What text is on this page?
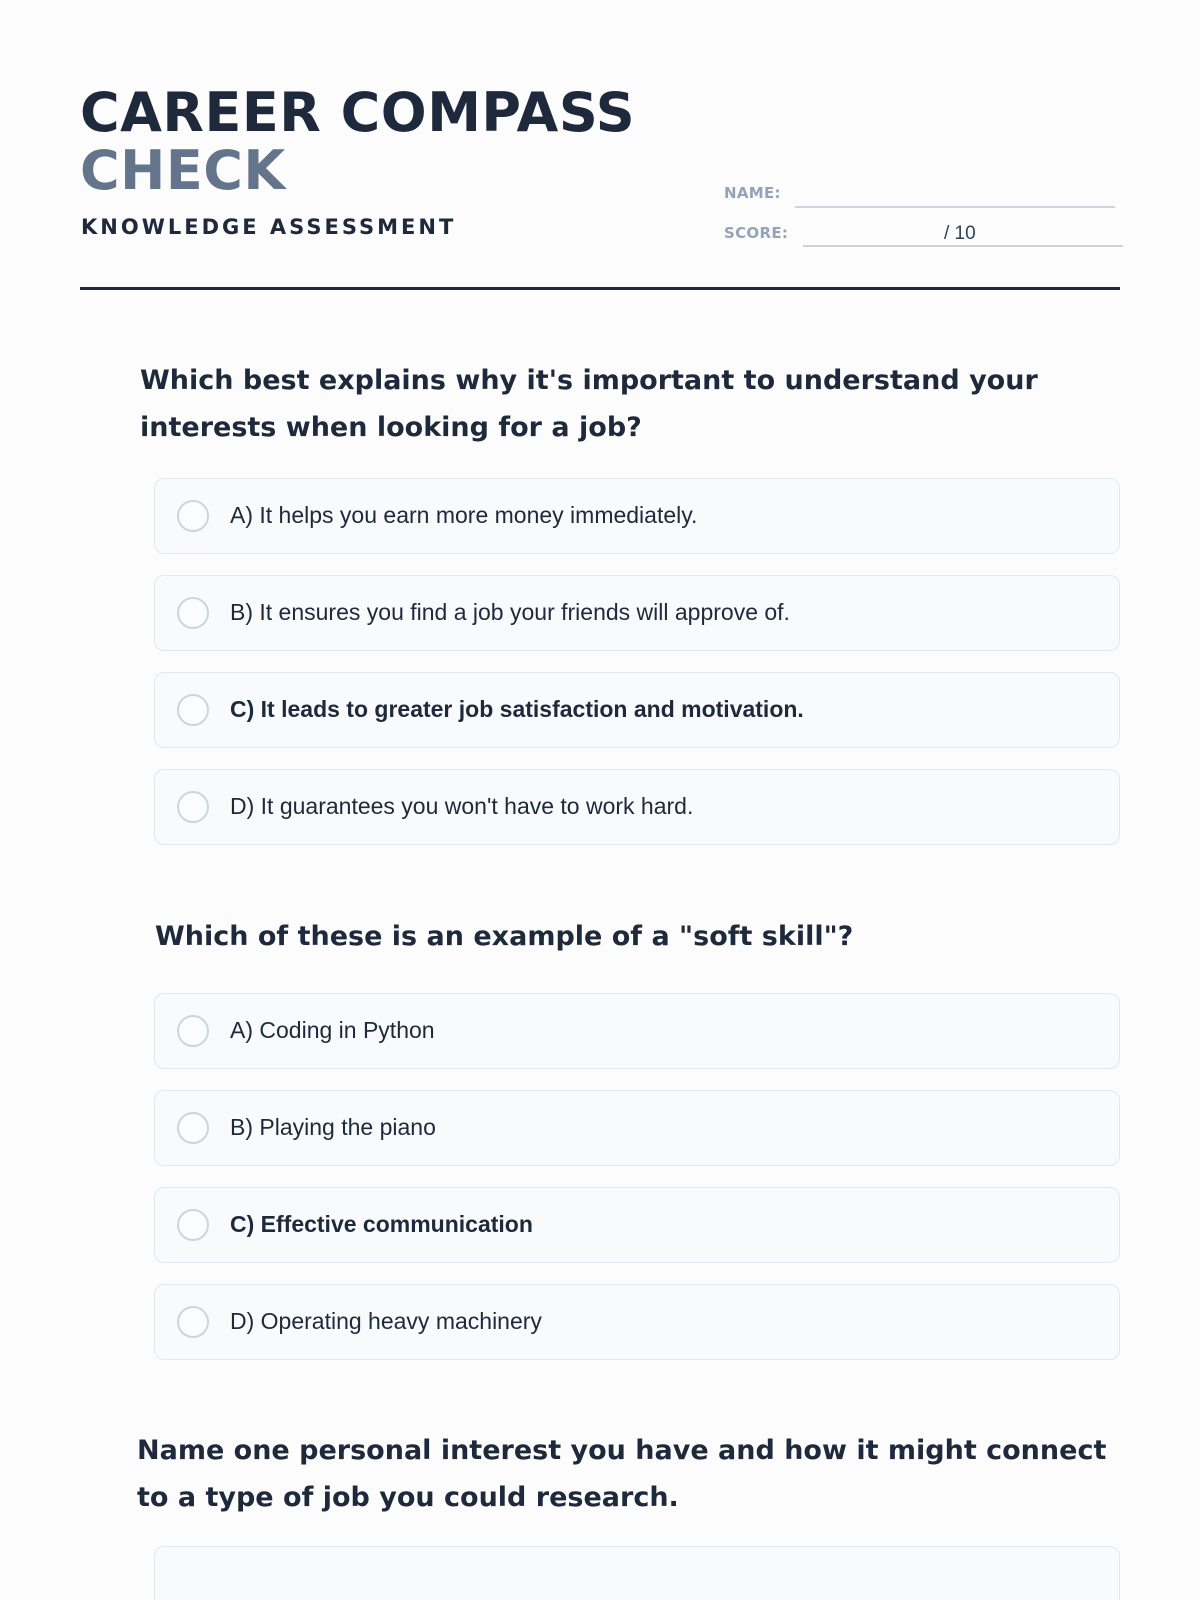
CAREER COMPASS
CHECK
KNOWLEDGE ASSESSMENT
NAME:
SCORE:	/ 10
Which best explains why it's important to understand your interests when looking for a job?
A) It helps you earn more money immediately.
B) It ensures you find a job your friends will approve of.
C) It leads to greater job satisfaction and motivation.
D) It guarantees you won't have to work hard.
Which of these is an example of a "soft skill"?
A) Coding in Python
B) Playing the piano
C) Effective communication
D) Operating heavy machinery
Name one personal interest you have and how it might connect to a type of job you could research.
